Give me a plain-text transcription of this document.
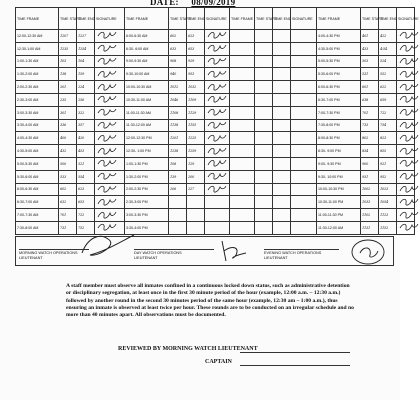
DATE: 08/09/2019
TIME FRAME	TIME START	TIME END	SIGNATURE	TIME FRAME	TIME START	TIME END	SIGNATURE	TIME FRAME	TIME START	TIME END	SIGNATURE	TIME FRAME	TIME START	TIME END	SIGNATURE
12:00-12:30 AM	1207	1227		6:00-6:30 AM	602	623						4:00-4:30 PM	401	422	
12:30-1:00 AM	1235	1254		6:30- 6:00 AM	633	653						4:30-5:00 PM	433	4:54	
1:00-1:30 AM	103	104		9:00-9:30 AM	908	929						5:00-5:30 PM	503	524	
1:30-2:00 AM	138	159		9:30-10:00 AM	940	953						5:30-6:00 PM	531	552	
2:00-2:30 AM	201	224		10:00-10:30 AM	1012	1032						6:00-6:30 PM	601	622	
2:30-3:00 AM	235	256		10:30-11:00 AM	1046	1109						6:30-7:00 PM	638	659	
3:00-3:30 AM	301	322		11:00-11:30 AM	1108	1129						7:00-7:30 PM	701	722	
3:30-4:00 AM	336	357		11:30-12:00 AM	1138	1155						7:30-8:00 PM	733	754	
4:00-4:30 AM	400	420		12:00-12:30 PM	1201	1225						8:00-8:30 PM	802	823	
4:30-5:00 AM	432	453		12:30- 1:00 PM	1238	1259						8:30- 9:00 PM	834	855	
5:00-5:30 AM	500	521		1:00-1:30 PM	108	129						9:00- 9:30 PM	900	921	
5:30-6:00 AM	533	554		1:30-2:00 PM	139	200						9:30- 10:00 PM	931	952	
6:00-6:30 AM	602	623		2:00-2:30 PM	206	227						10:00-10:30 PM	1002	1023	
6:30-7:00 AM	632	653		2:30-3:00 PM								10:30-11:00 PM	1033	1054	
7:00-7:30 AM	701	722		3:00-3:30 PM								11:00-11:30 PM	1102	1123	
7:30-8:00 AM	731	752		3:30-4:00 PM								11:30-12:00 AM	1131	1152	
MORNING WATCH OPERATIONS LIEUTENANT
DAY WATCH OPERATIONS LIEUTENANT
EVENING WATCH OPERATIONS LIEUTENANT
A staff member must observe all inmates confined in a continuous locked down status, such as administrative detention or disciplinary segregation, at least once in the first 30 minute period of the hour (example, 12:00 a.m. – 12:30 a.m.) followed by another round in the second 30 minutes period of the same hour (example, 12:30 am – 1:00 a.m.), thus ensuring an inmate is observed at least twice per hour. These rounds are to be conducted on an irregular schedule and no more than 40 minutes apart. All observations must be documented.
REVIEWED BY MORNING WATCH LIEUTENANT
CAPTAIN
